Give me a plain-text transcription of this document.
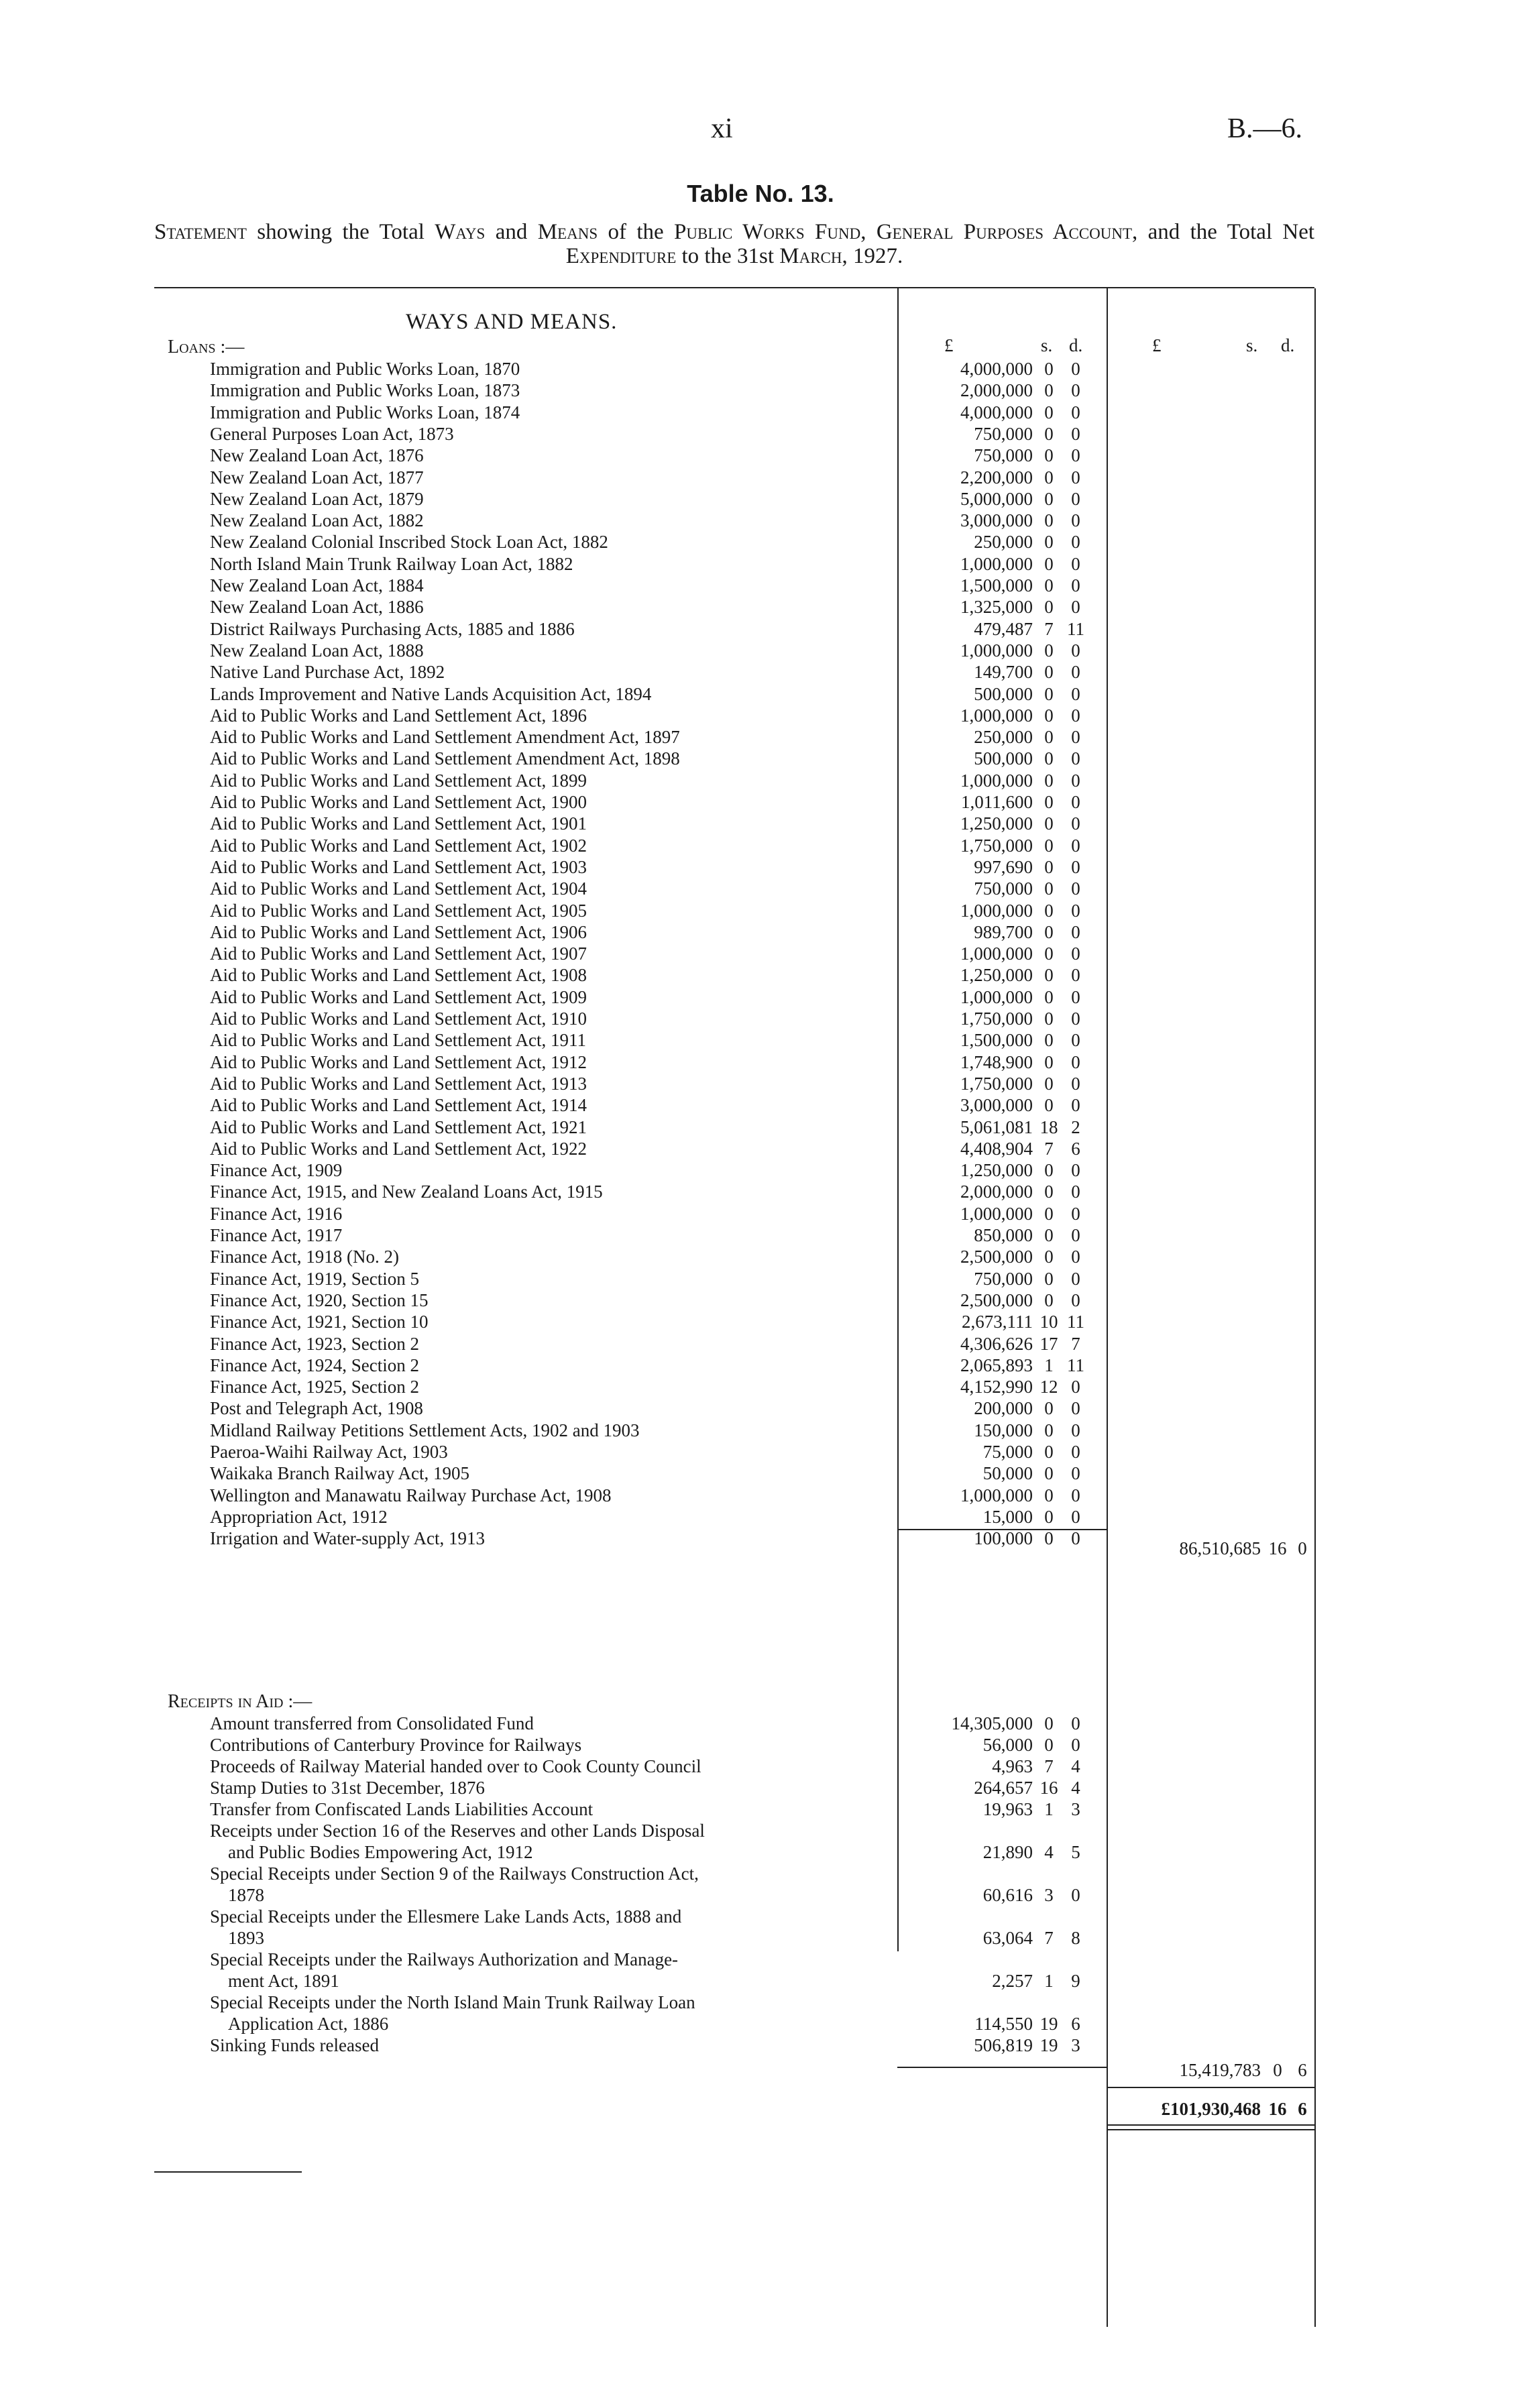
xi	B.—6.
Table No. 13.
Statement showing the Total Ways and Means of the Public Works Fund, General Purposes Account, and the Total Net Expenditure to the 31st March, 1927.
WAYS AND MEANS.
£	s. d.	£	s. d.
Loans :—
Immigration and Public Works Loan, 1870	4,000,000 0 0
Immigration and Public Works Loan, 1873	2,000,000 0 0
Immigration and Public Works Loan, 1874	4,000,000 0 0
General Purposes Loan Act, 1873	750,000 0 0
New Zealand Loan Act, 1876	750,000 0 0
New Zealand Loan Act, 1877	2,200,000 0 0
New Zealand Loan Act, 1879	5,000,000 0 0
New Zealand Loan Act, 1882	3,000,000 0 0
New Zealand Colonial Inscribed Stock Loan Act, 1882	250,000 0 0
North Island Main Trunk Railway Loan Act, 1882	1,000,000 0 0
New Zealand Loan Act, 1884	1,500,000 0 0
New Zealand Loan Act, 1886	1,325,000 0 0
District Railways Purchasing Acts, 1885 and 1886	479,487 7 11
New Zealand Loan Act, 1888	1,000,000 0 0
Native Land Purchase Act, 1892	149,700 0 0
Lands Improvement and Native Lands Acquisition Act, 1894	500,000 0 0
Aid to Public Works and Land Settlement Act, 1896	1,000,000 0 0
Aid to Public Works and Land Settlement Amendment Act, 1897	250,000 0 0
Aid to Public Works and Land Settlement Amendment Act, 1898	500,000 0 0
Aid to Public Works and Land Settlement Act, 1899	1,000,000 0 0
Aid to Public Works and Land Settlement Act, 1900	1,011,600 0 0
Aid to Public Works and Land Settlement Act, 1901	1,250,000 0 0
Aid to Public Works and Land Settlement Act, 1902	1,750,000 0 0
Aid to Public Works and Land Settlement Act, 1903	997,690 0 0
Aid to Public Works and Land Settlement Act, 1904	750,000 0 0
Aid to Public Works and Land Settlement Act, 1905	1,000,000 0 0
Aid to Public Works and Land Settlement Act, 1906	989,700 0 0
Aid to Public Works and Land Settlement Act, 1907	1,000,000 0 0
Aid to Public Works and Land Settlement Act, 1908	1,250,000 0 0
Aid to Public Works and Land Settlement Act, 1909	1,000,000 0 0
Aid to Public Works and Land Settlement Act, 1910	1,750,000 0 0
Aid to Public Works and Land Settlement Act, 1911	1,500,000 0 0
Aid to Public Works and Land Settlement Act, 1912	1,748,900 0 0
Aid to Public Works and Land Settlement Act, 1913	1,750,000 0 0
Aid to Public Works and Land Settlement Act, 1914	3,000,000 0 0
Aid to Public Works and Land Settlement Act, 1921	5,061,081 18 2
Aid to Public Works and Land Settlement Act, 1922	4,408,904 7 6
Finance Act, 1909	1,250,000 0 0
Finance Act, 1915, and New Zealand Loans Act, 1915	2,000,000 0 0
Finance Act, 1916	1,000,000 0 0
Finance Act, 1917	850,000 0 0
Finance Act, 1918 (No. 2)	2,500,000 0 0
Finance Act, 1919, Section 5	750,000 0 0
Finance Act, 1920, Section 15	2,500,000 0 0
Finance Act, 1921, Section 10	2,673,111 10 11
Finance Act, 1923, Section 2	4,306,626 17 7
Finance Act, 1924, Section 2	2,065,893 1 11
Finance Act, 1925, Section 2	4,152,990 12 0
Post and Telegraph Act, 1908	200,000 0 0
Midland Railway Petitions Settlement Acts, 1902 and 1903	150,000 0 0
Paeroa-Waihi Railway Act, 1903	75,000 0 0
Waikaka Branch Railway Act, 1905	50,000 0 0
Wellington and Manawatu Railway Purchase Act, 1908	1,000,000 0 0
Appropriation Act, 1912	15,000 0 0
Irrigation and Water-supply Act, 1913	100,000 0 0	86,510,685 16 0
Receipts in Aid :—
Amount transferred from Consolidated Fund	14,305,000 0 0
Contributions of Canterbury Province for Railways	56,000 0 0
Proceeds of Railway Material handed over to Cook County Council	4,963 7 4
Stamp Duties to 31st December, 1876	264,657 16 4
Transfer from Confiscated Lands Liabilities Account	19,963 1 3
Receipts under Section 16 of the Reserves and other Lands Disposal
and Public Bodies Empowering Act, 1912	21,890 4 5
Special Receipts under Section 9 of the Railways Construction Act,
1878	60,616 3 0
Special Receipts under the Ellesmere Lake Lands Acts, 1888 and
1893	63,064 7 8
Special Receipts under the Railways Authorization and Manage-
ment Act, 1891	2,257 1 9
Special Receipts under the North Island Main Trunk Railway Loan
Application Act, 1886	114,550 19 6
Sinking Funds released	506,819 19 3
15,419,783 0 6
£101,930,468 16 6
